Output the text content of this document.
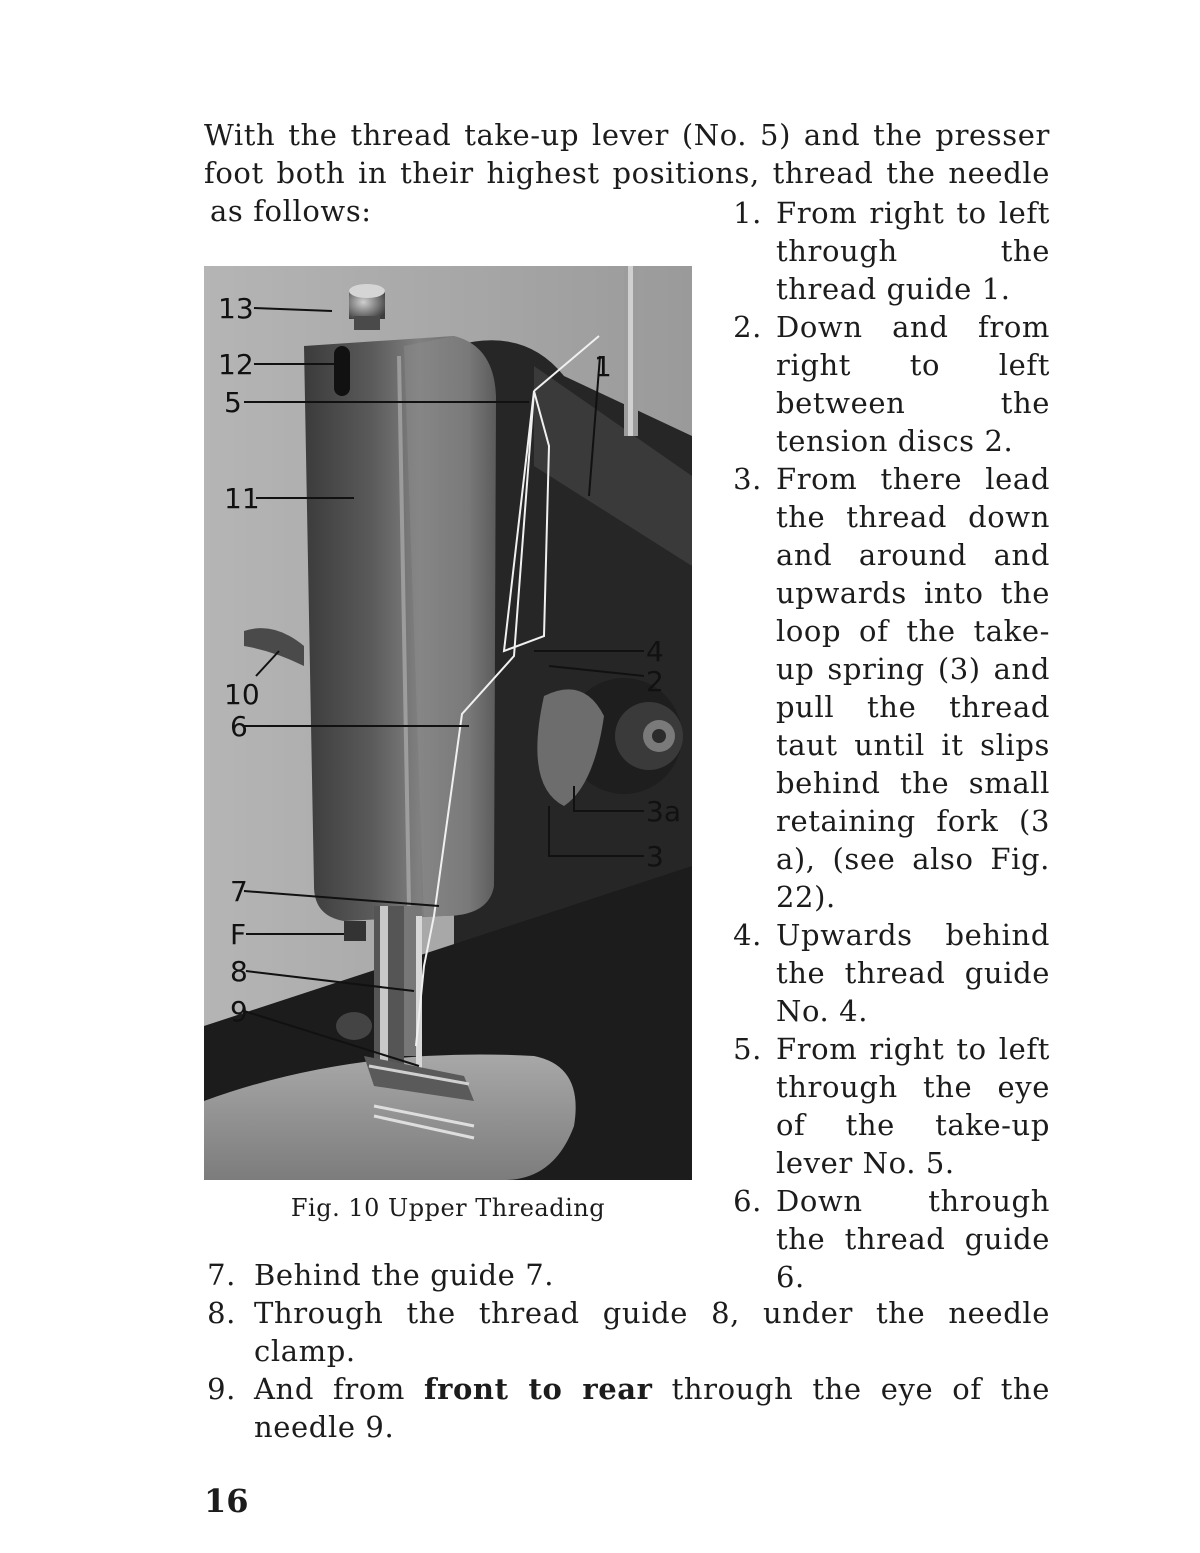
With the thread take-up lever (No. 5) and the presser
foot both in their highest positions, thread the needle
as follows:
13
12
5
11
10
6
7
F
8
9
1
4
2
3a
3
Fig. 10 Upper Threading
1. From right to left through the thread guide 1.
2. Down and from right to left between the tension discs 2.
3. From there lead the thread down and around and upwards into the loop of the take-up spring (3) and pull the thread taut until it slips behind the small retaining fork (3 a), (see also Fig. 22).
4. Upwards behind the thread guide No. 4.
5. From right to left through the eye of the take-up lever No. 5.
6. Down through the thread guide 6.
7. Behind the guide 7.
8. Through the thread guide 8, under the needle clamp.
9. And from front to rear through the eye of the needle 9.
16
